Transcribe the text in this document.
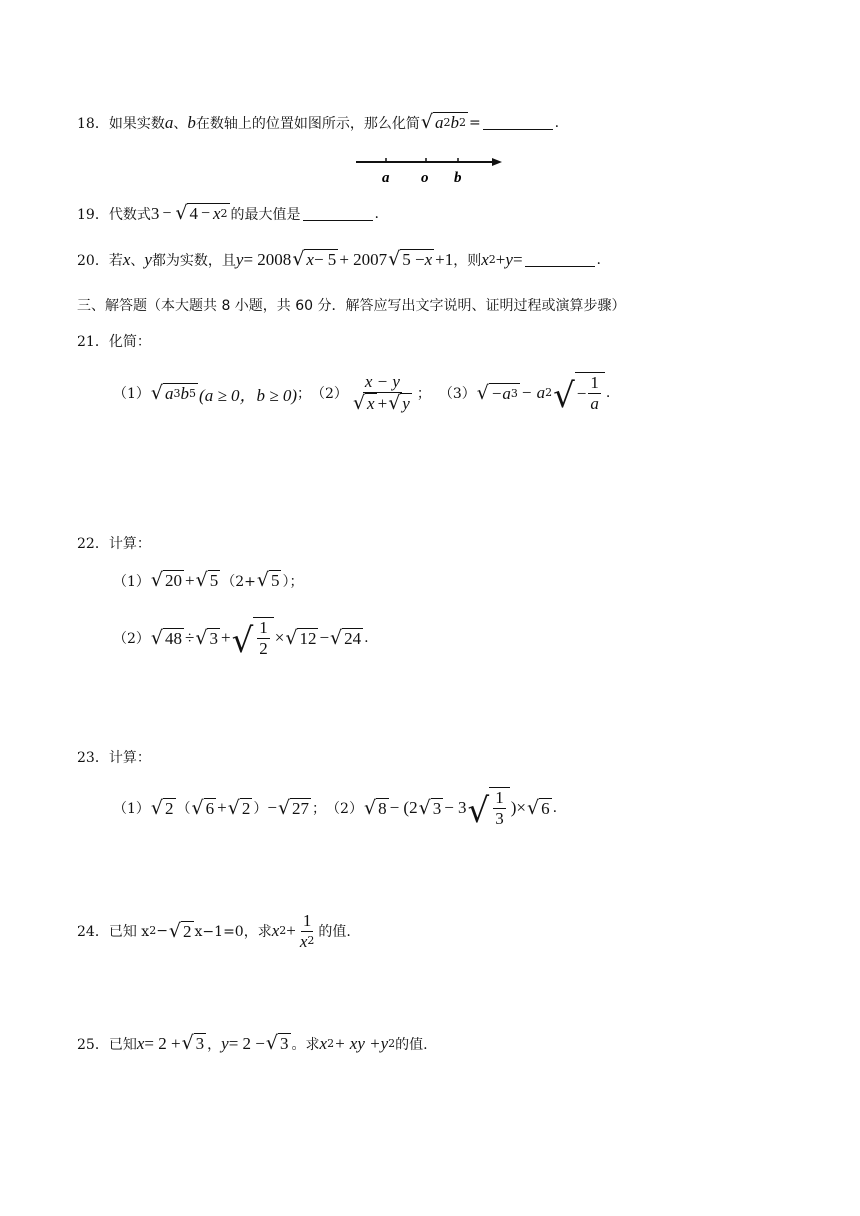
18． 如果实数 a 、 b 在数轴上的位置如图所示，那么化简 √ a 2 b 2 =	.
a o b
19． 代数式 3 − √ 4 − x 2 的最大值是	.
20． 若 x 、 y 都为实数，且 y = 2008 √ x − 5 + 2007 √ 5 − x +1 ，则 x 2 + y =	.
三、解答题（本大题共 8 小题，共 60 分．解答应写出文字说明、证明过程或演算步骤）
21． 化简：
（1） √ a 3 b 5 (a ≥ 0，b ≥ 0) ； $(2) \frac{x - y}{√ x + √ y}$ ； （3） √ −a 3 − a 2 √ − $\frac{1}{a}$ .
22． 计算：
（1） √ 20 + √ 5 （2+ √ 5 ）；
（2） √ 48 ÷ √ 3 + √ $\frac{1}{2}$ × √ 12 − √ 24 .
23． 计算：
（1） √ 2 （ √ 6 + √ 2 ） − √ 27 ； （2） √ 8 − (2 √ 3 − 3 √ $\frac{1}{3}$ )× √ 6 .
24． 已知 x 2 − √ 2 x−1=0，求 x $2 + \frac{1}{x 2}$ 的值.
25． 已知 x = 2 + √ 3 ， y = 2 − √ 3 。求 x 2 + xy + y 2 的值.
